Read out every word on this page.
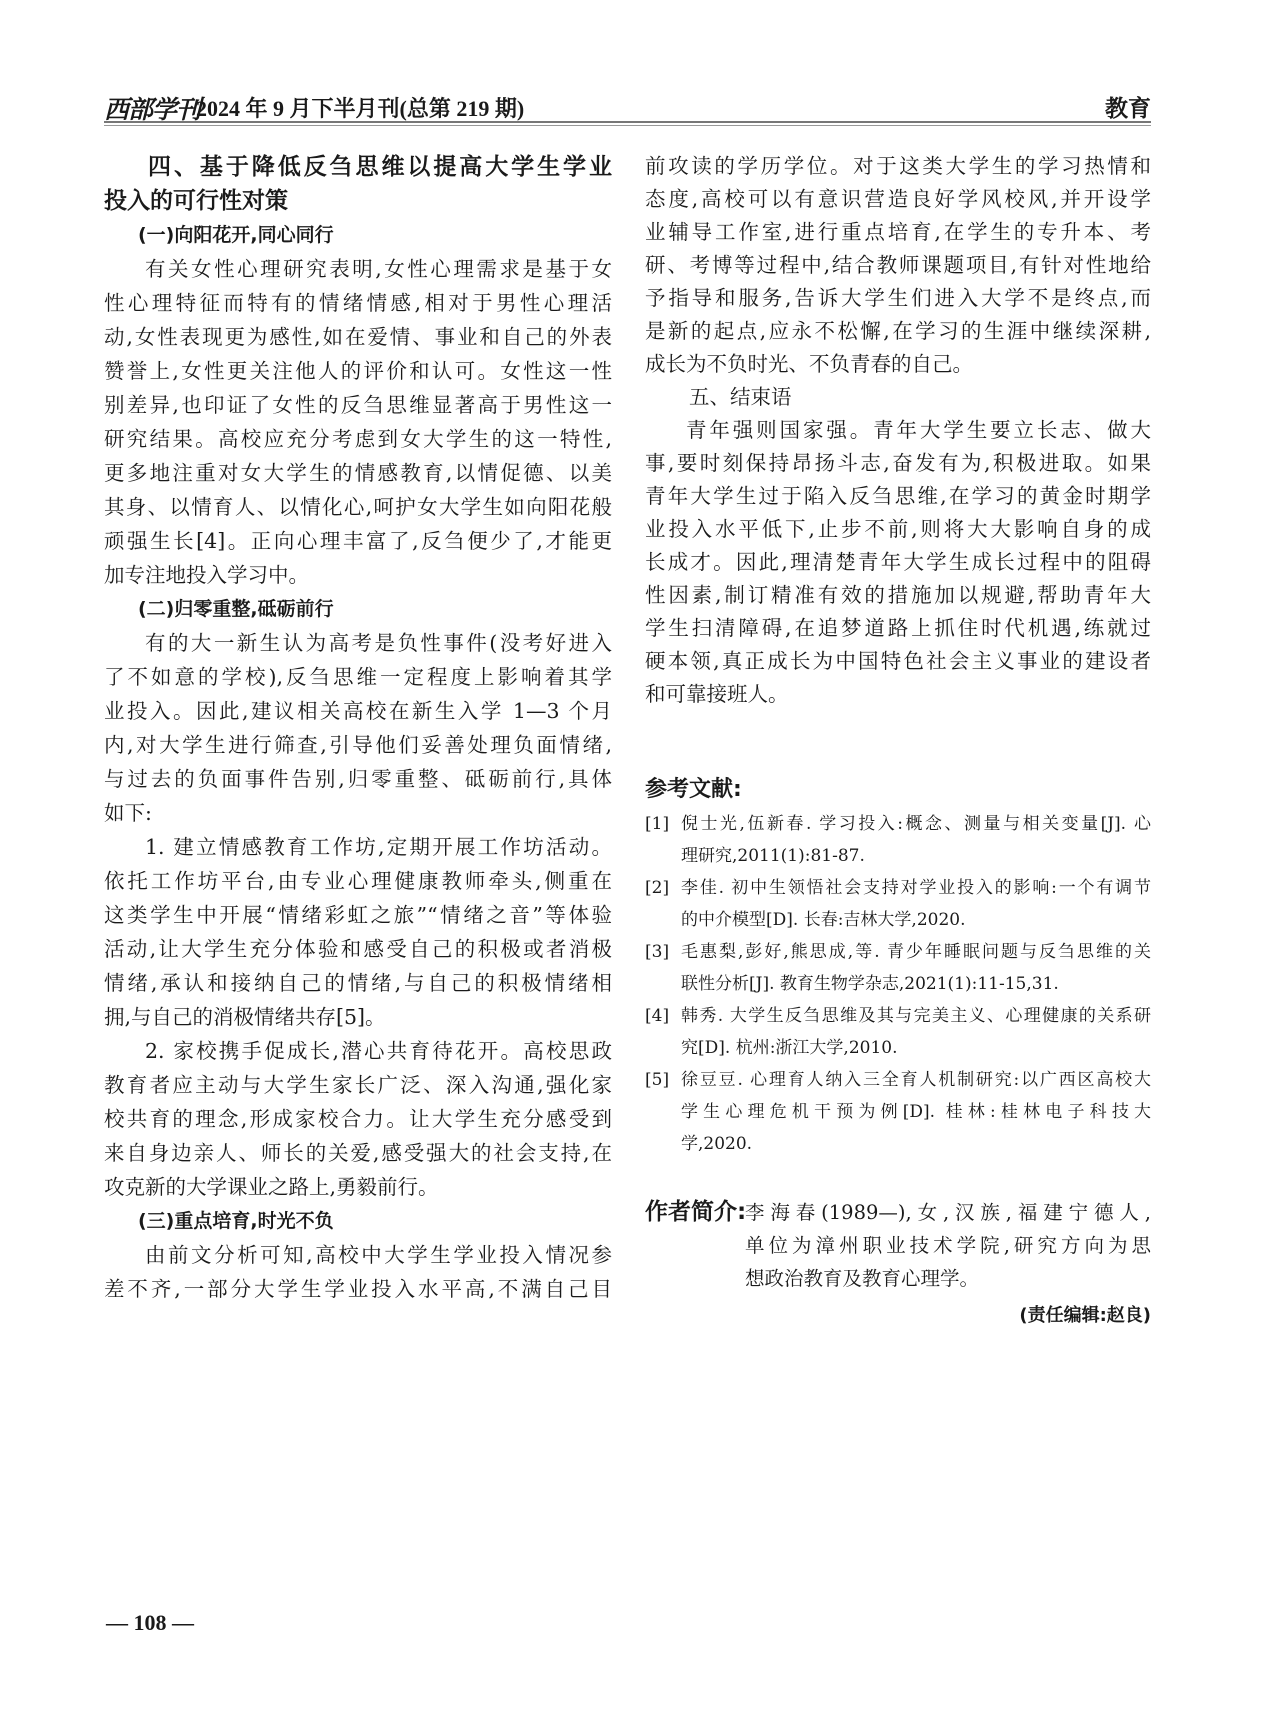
西部学刊
2024 年 9 月下半月刊(总第 219 期)	教育
四、基于降低反刍思维以提高大学生学业
投入的可行性对策
(一)向阳花开,同心同行
有关女性心理研究表明,女性心理需求是基于女
性心理特征而特有的情绪情感,相对于男性心理活
动,女性表现更为感性,如在爱情、事业和自己的外表
赞誉上,女性更关注他人的评价和认可。女性这一性
别差异,也印证了女性的反刍思维显著高于男性这一
研究结果。高校应充分考虑到女大学生的这一特性,
更多地注重对女大学生的情感教育,以情促德、以美
其身、以情育人、以情化心,呵护女大学生如向阳花般
顽强生长[4]。正向心理丰富了,反刍便少了,才能更
加专注地投入学习中。
(二)归零重整,砥砺前行
有的大一新生认为高考是负性事件(没考好进入
了不如意的学校),反刍思维一定程度上影响着其学
业投入。因此,建议相关高校在新生入学 1—3 个月
内,对大学生进行筛查,引导他们妥善处理负面情绪,
与过去的负面事件告别,归零重整、砥砺前行,具体
如下:
1. 建立情感教育工作坊,定期开展工作坊活动。
依托工作坊平台,由专业心理健康教师牵头,侧重在
这类学生中开展“情绪彩虹之旅”“情绪之音”等体验
活动,让大学生充分体验和感受自己的积极或者消极
情绪,承认和接纳自己的情绪,与自己的积极情绪相
拥,与自己的消极情绪共存[5]。
2. 家校携手促成长,潜心共育待花开。高校思政
教育者应主动与大学生家长广泛、深入沟通,强化家
校共育的理念,形成家校合力。让大学生充分感受到
来自身边亲人、师长的关爱,感受强大的社会支持,在
攻克新的大学课业之路上,勇毅前行。
(三)重点培育,时光不负
由前文分析可知,高校中大学生学业投入情况参
差不齐,一部分大学生学业投入水平高,不满自己目
前攻读的学历学位。对于这类大学生的学习热情和
态度,高校可以有意识营造良好学风校风,并开设学
业辅导工作室,进行重点培育,在学生的专升本、考
研、考博等过程中,结合教师课题项目,有针对性地给
予指导和服务,告诉大学生们进入大学不是终点,而
是新的起点,应永不松懈,在学习的生涯中继续深耕,
成长为不负时光、不负青春的自己。
五、结束语
青年强则国家强。青年大学生要立长志、做大
事,要时刻保持昂扬斗志,奋发有为,积极进取。如果
青年大学生过于陷入反刍思维,在学习的黄金时期学
业投入水平低下,止步不前,则将大大影响自身的成
长成才。因此,理清楚青年大学生成长过程中的阻碍
性因素,制订精准有效的措施加以规避,帮助青年大
学生扫清障碍,在追梦道路上抓住时代机遇,练就过
硬本领,真正成长为中国特色社会主义事业的建设者
和可靠接班人。
参考文献:
[1] 倪士光,伍新春. 学习投入:概念、测量与相关变量[J]. 心
理研究,2011(1):81-87.
[2] 李佳. 初中生领悟社会支持对学业投入的影响:一个有调节
的中介模型[D]. 长春:吉林大学,2020.
[3] 毛惠梨,彭好,熊思成,等. 青少年睡眠问题与反刍思维的关
联性分析[J]. 教育生物学杂志,2021(1):11-15,31.
[4] 韩秀. 大学生反刍思维及其与完美主义、心理健康的关系研
究[D]. 杭州:浙江大学,2010.
[5] 徐豆豆. 心理育人纳入三全育人机制研究:以广西区高校大
学生心理危机干预为例[D]. 桂林:桂林电子科技大
学,2020.
作者简介:
李海春(1989—),女,汉族,福建宁德人,
单位为漳州职业技术学院,研究方向为思
想政治教育及教育心理学。
(责任编辑:赵良)
— 108 —
